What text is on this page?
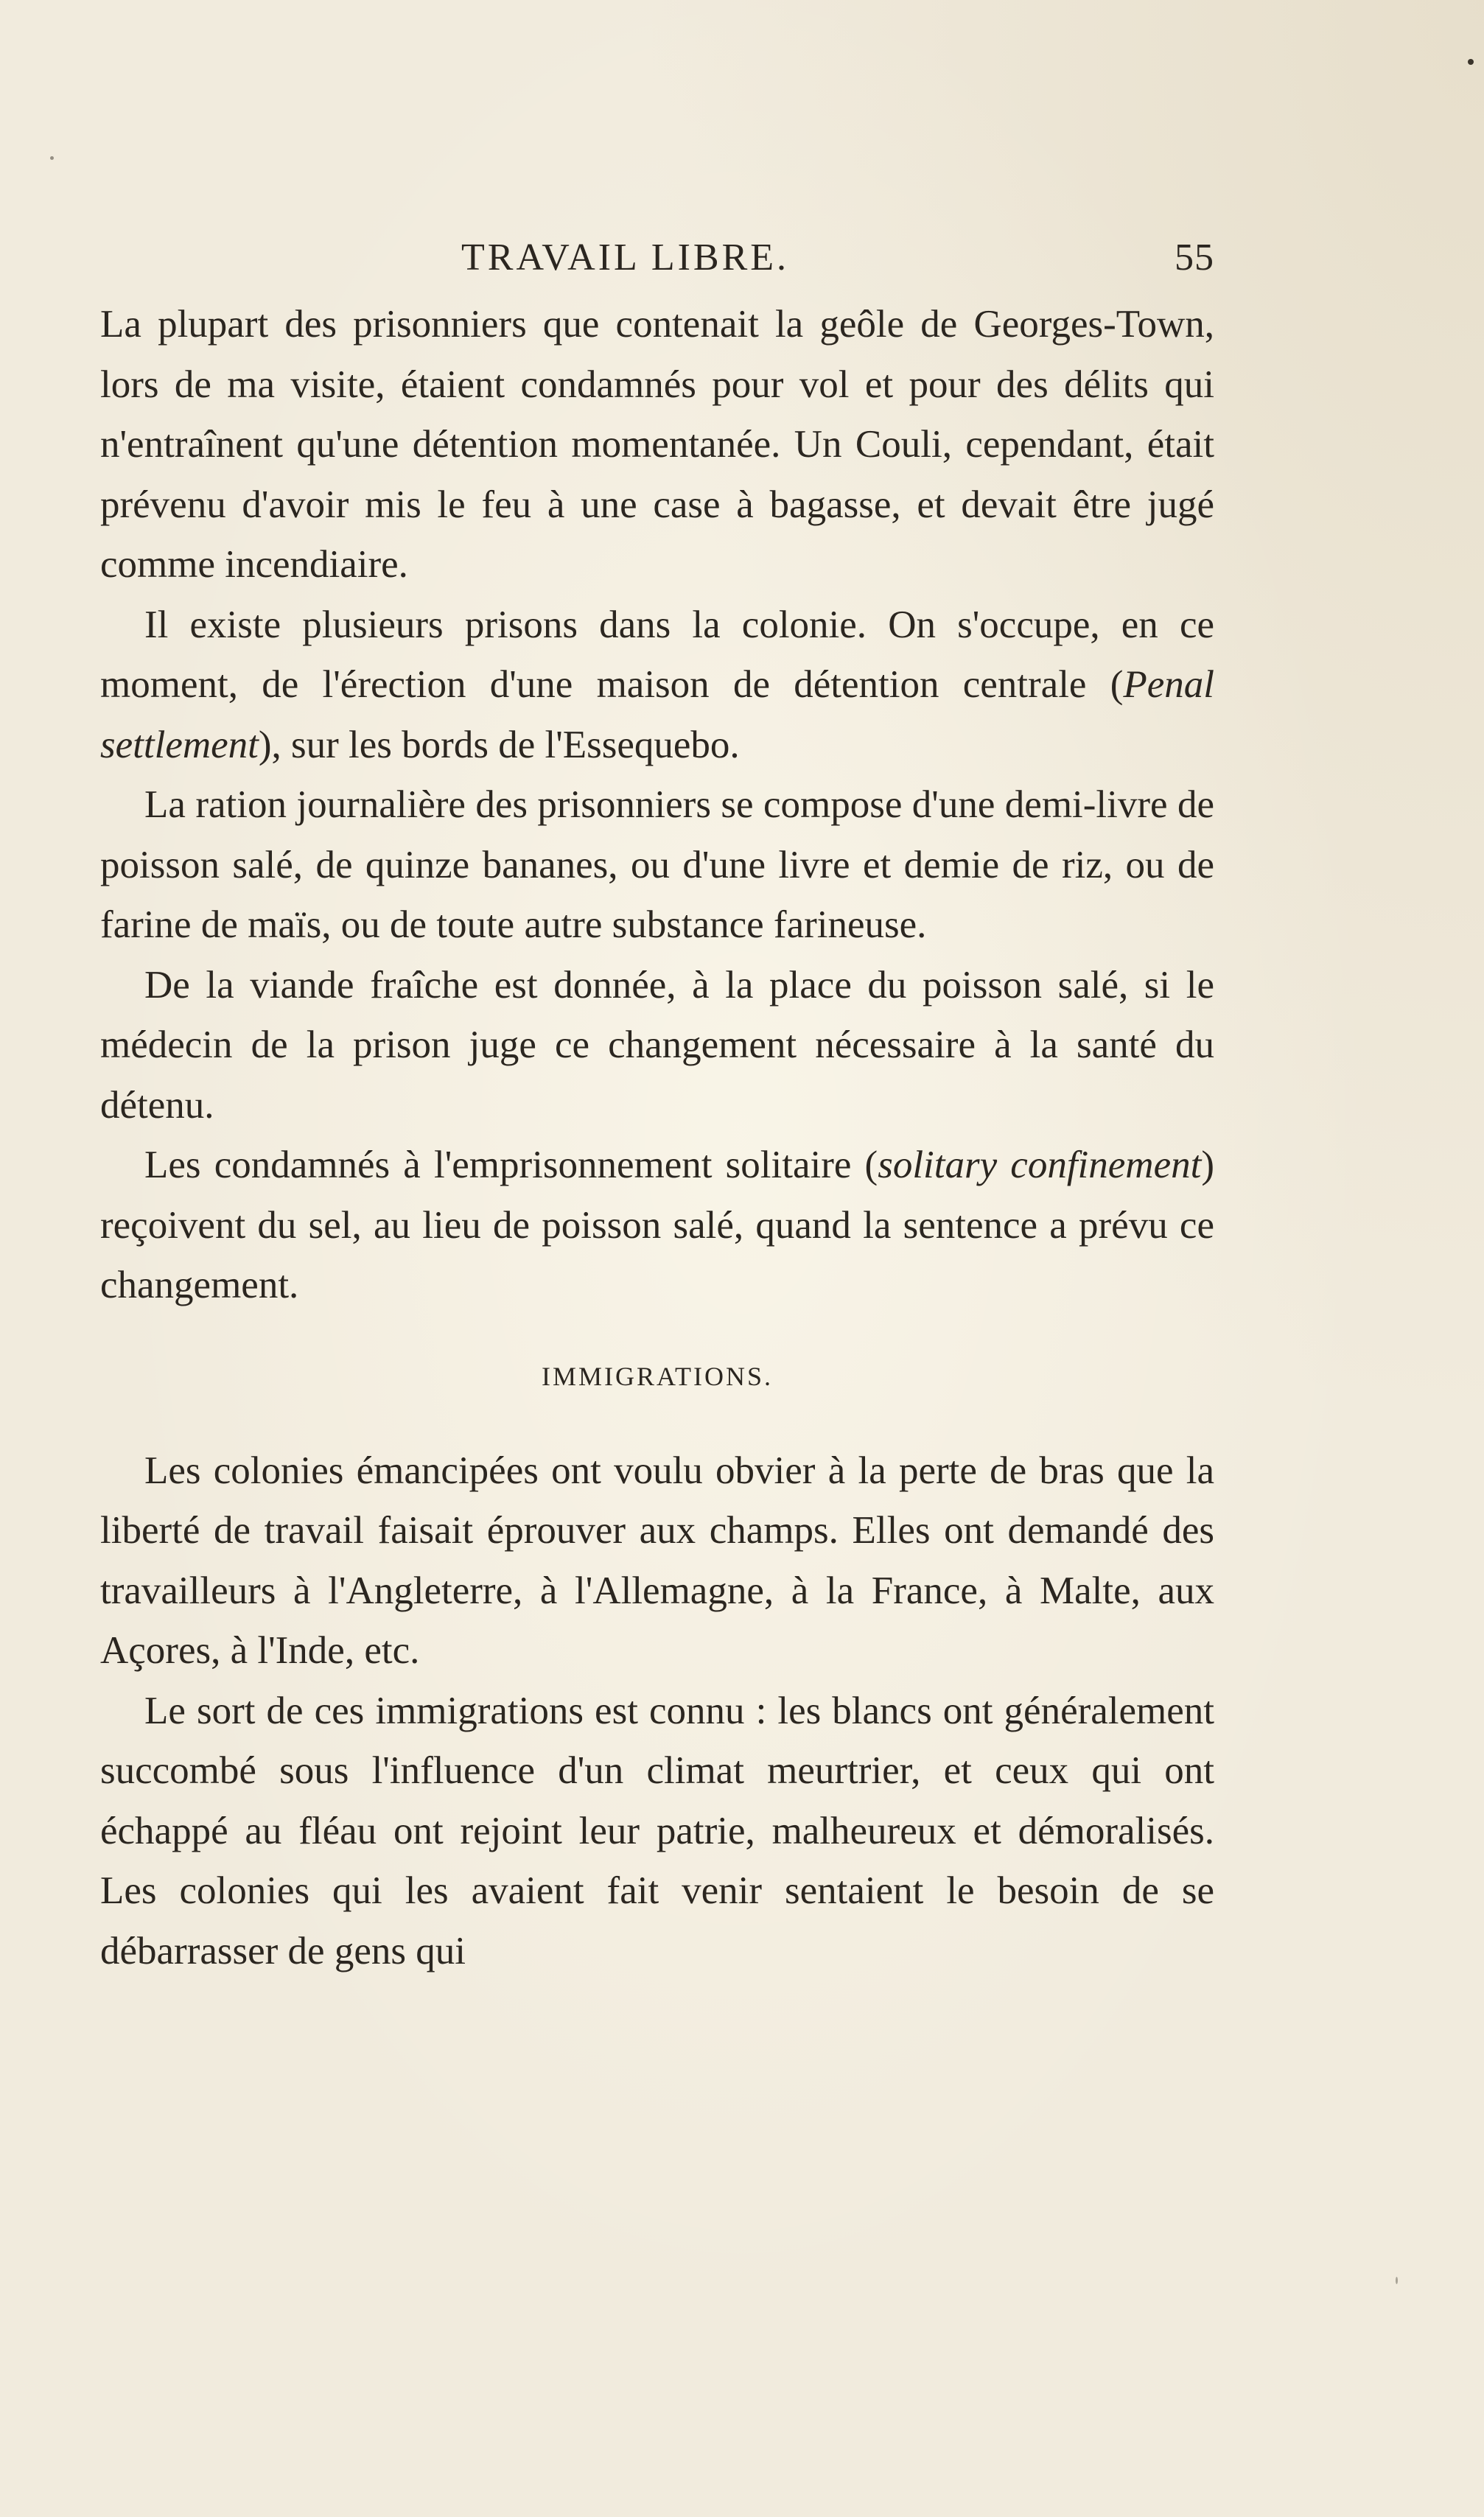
TRAVAIL LIBRE.	55

La plupart des prisonniers que contenait la geôle de Georges-Town, lors de ma visite, étaient condamnés pour vol et pour des délits qui n'entraînent qu'une détention momentanée. Un Couli, cependant, était prévenu d'avoir mis le feu à une case à bagasse, et devait être jugé comme incendiaire.

Il existe plusieurs prisons dans la colonie. On s'occupe, en ce moment, de l'érection d'une maison de détention centrale (Penal settlement), sur les bords de l'Essequebo.

La ration journalière des prisonniers se compose d'une demi-livre de poisson salé, de quinze bananes, ou d'une livre et demie de riz, ou de farine de maïs, ou de toute autre substance farineuse.

De la viande fraîche est donnée, à la place du poisson salé, si le médecin de la prison juge ce changement nécessaire à la santé du détenu.

Les condamnés à l'emprisonnement solitaire (solitary confinement) reçoivent du sel, au lieu de poisson salé, quand la sentence a prévu ce changement.

IMMIGRATIONS.

Les colonies émancipées ont voulu obvier à la perte de bras que la liberté de travail faisait éprouver aux champs. Elles ont demandé des travailleurs à l'Angleterre, à l'Allemagne, à la France, à Malte, aux Açores, à l'Inde, etc.

Le sort de ces immigrations est connu : les blancs ont généralement succombé sous l'influence d'un climat meurtrier, et ceux qui ont échappé au fléau ont rejoint leur patrie, malheureux et démoralisés. Les colonies qui les avaient fait venir sentaient le besoin de se débarrasser de gens qui
